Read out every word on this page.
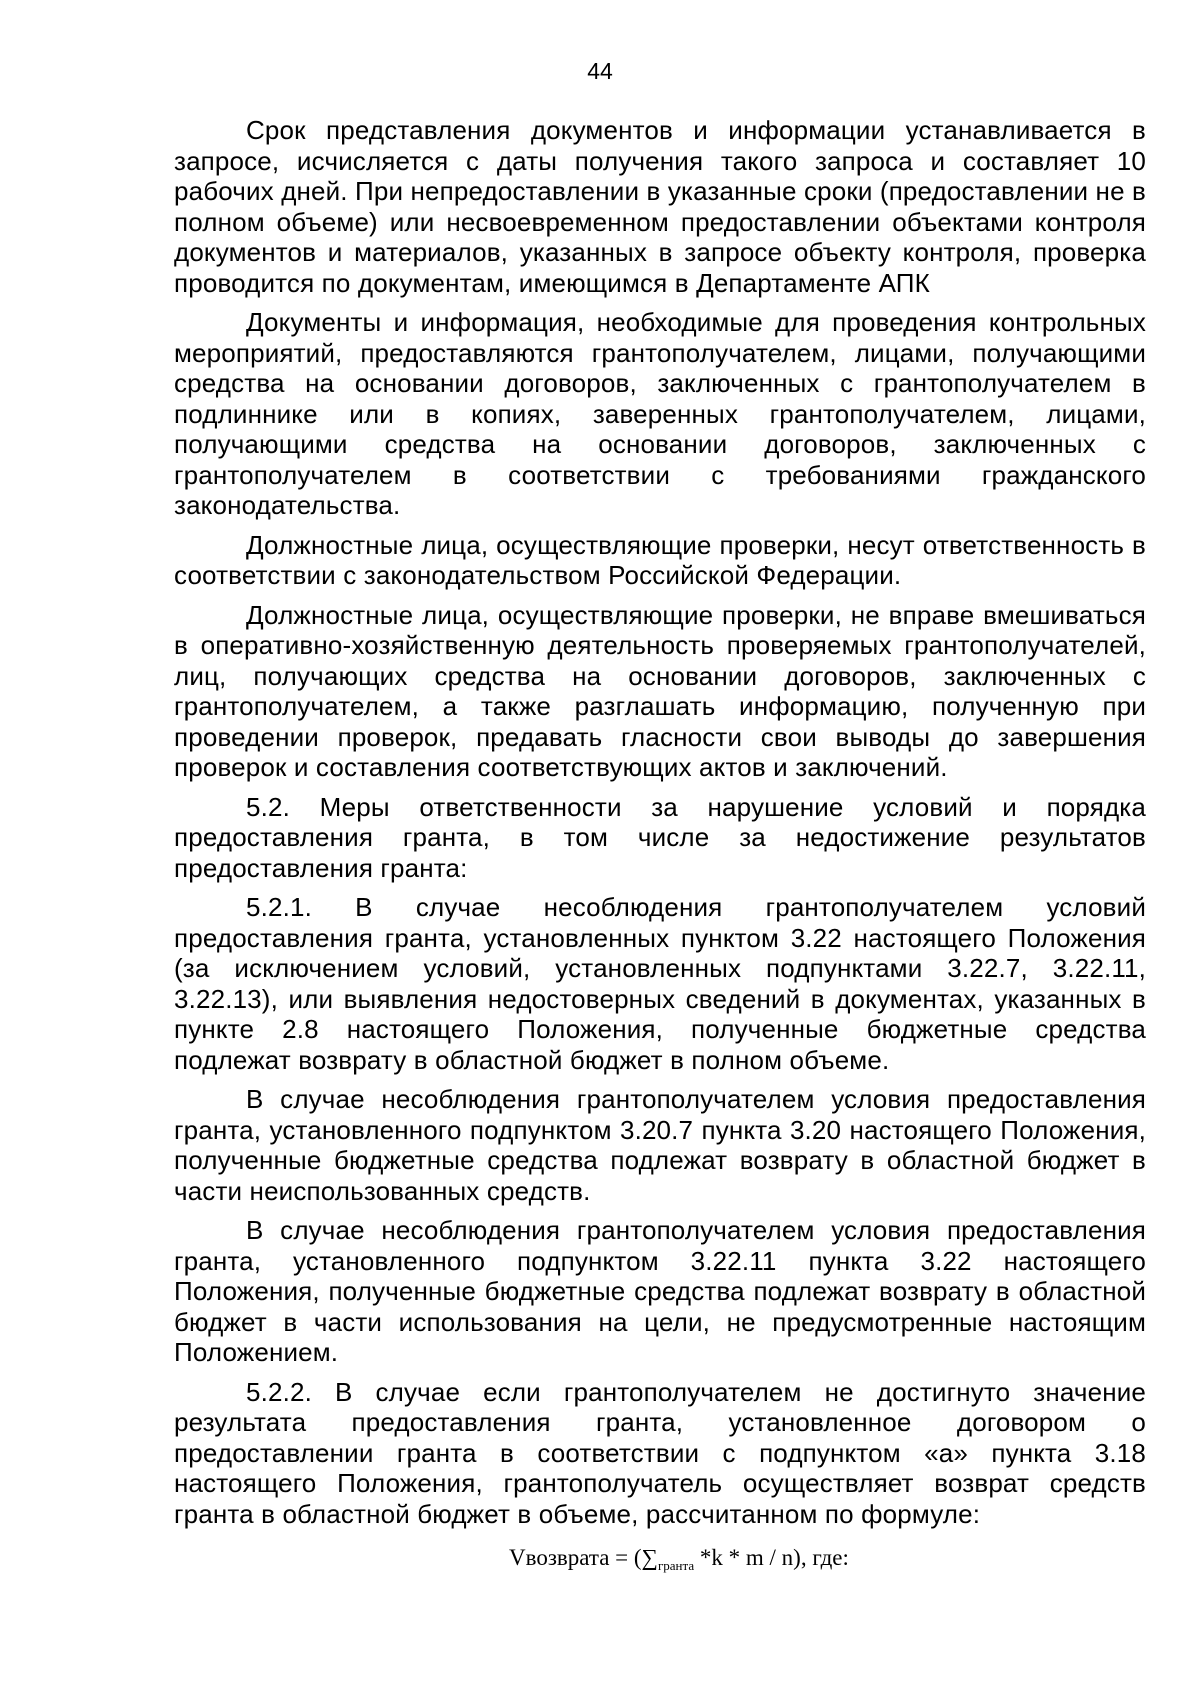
44

Срок представления документов и информации устанавливается в запросе, исчисляется с даты получения такого запроса и составляет 10 рабочих дней. При непредоставлении в указанные сроки (предоставлении не в полном объеме) или несвоевременном предоставлении объектами контроля документов и материалов, указанных в запросе объекту контроля, проверка проводится по документам, имеющимся в Департаменте АПК

Документы и информация, необходимые для проведения контрольных мероприятий, предоставляются грантополучателем, лицами, получающими средства на основании договоров, заключенных с грантополучателем в подлиннике или в копиях, заверенных грантополучателем, лицами, получающими средства на основании договоров, заключенных с грантополучателем в соответствии с требованиями гражданского законодательства.

Должностные лица, осуществляющие проверки, несут ответственность в соответствии с законодательством Российской Федерации.

Должностные лица, осуществляющие проверки, не вправе вмешиваться в оперативно-хозяйственную деятельность проверяемых грантополучателей, лиц, получающих средства на основании договоров, заключенных с грантополучателем, а также разглашать информацию, полученную при проведении проверок, предавать гласности свои выводы до завершения проверок и составления соответствующих актов и заключений.

5.2. Меры ответственности за нарушение условий и порядка предоставления гранта, в том числе за недостижение результатов предоставления гранта:

5.2.1. В случае несоблюдения грантополучателем условий предоставления гранта, установленных пунктом 3.22 настоящего Положения (за исключением условий, установленных подпунктами 3.22.7, 3.22.11, 3.22.13), или выявления недостоверных сведений в документах, указанных в пункте 2.8 настоящего Положения, полученные бюджетные средства подлежат возврату в областной бюджет в полном объеме.

В случае несоблюдения грантополучателем условия предоставления гранта, установленного подпунктом 3.20.7 пункта 3.20 настоящего Положения, полученные бюджетные средства подлежат возврату в областной бюджет в части неиспользованных средств.

В случае несоблюдения грантополучателем условия предоставления гранта, установленного подпунктом 3.22.11 пункта 3.22 настоящего Положения, полученные бюджетные средства подлежат возврату в областной бюджет в части использования на цели, не предусмотренные настоящим Положением.

5.2.2. В случае если грантополучателем не достигнуто значение результата предоставления гранта, установленное договором о предоставлении гранта в соответствии с подпунктом «а» пункта 3.18 настоящего Положения, грантополучатель осуществляет возврат средств гранта в областной бюджет в объеме, рассчитанном по формуле:

Vвозврата = ($\sum_{гранта}$ *k * m / n), где:
